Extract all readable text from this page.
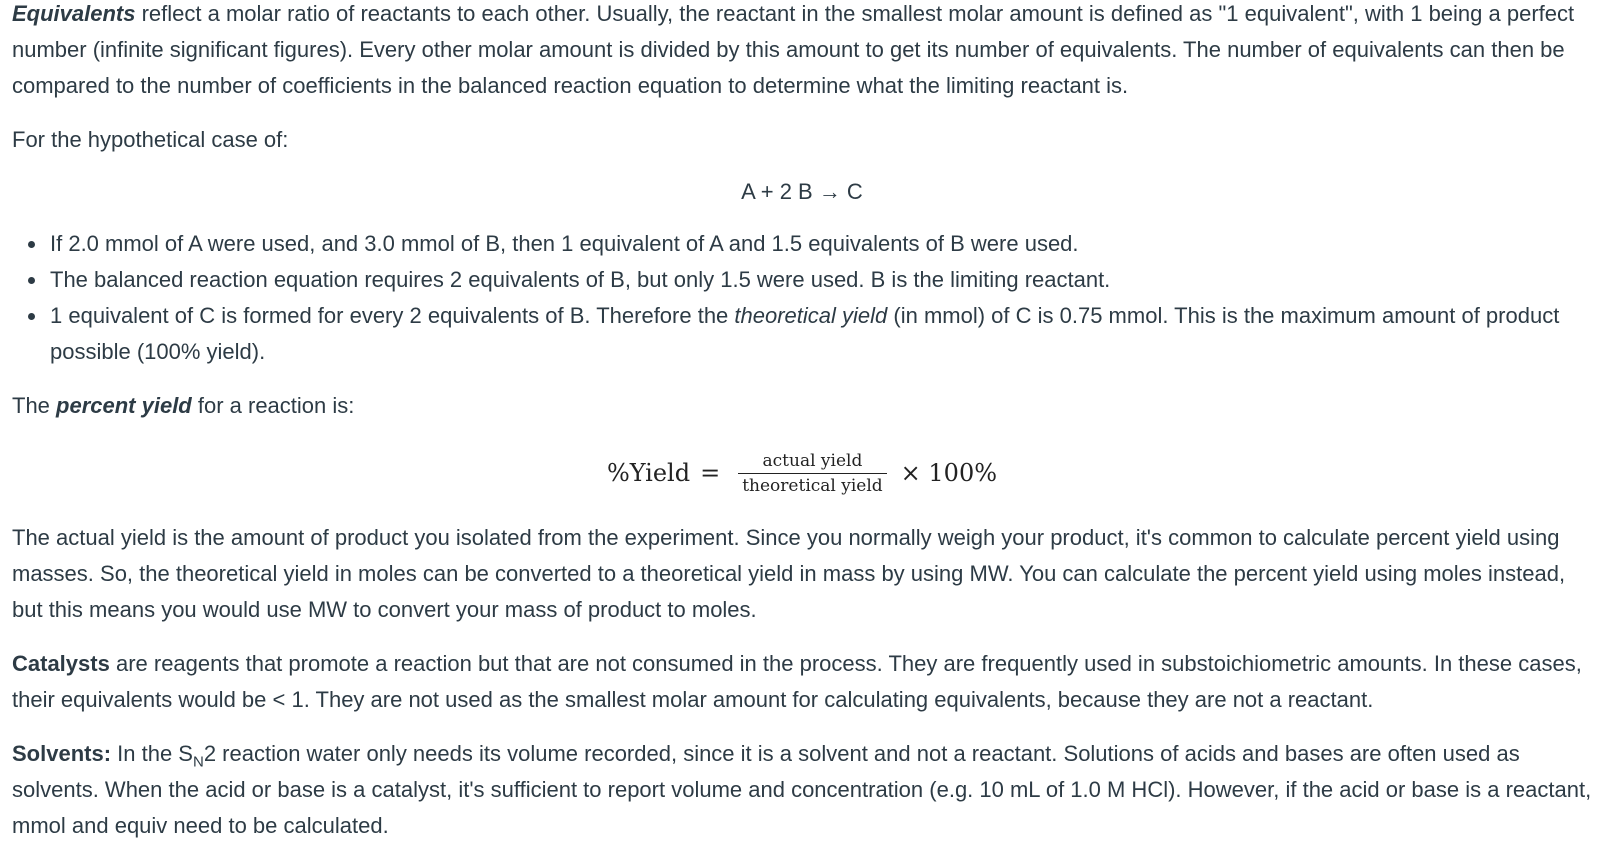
Equivalents reflect a molar ratio of reactants to each other. Usually, the reactant in the smallest molar amount is defined as "1 equivalent", with 1 being a perfect number (infinite significant figures). Every other molar amount is divided by this amount to get its number of equivalents. The number of equivalents can then be compared to the number of coefficients in the balanced reaction equation to determine what the limiting reactant is.

For the hypothetical case of:

A + 2 B → C
• If 2.0 mmol of A were used, and 3.0 mmol of B, then 1 equivalent of A and 1.5 equivalents of B were used.
• The balanced reaction equation requires 2 equivalents of B, but only 1.5 were used. B is the limiting reactant.
• 1 equivalent of C is formed for every 2 equivalents of B. Therefore the theoretical yield (in mmol) of C is 0.75 mmol. This is the maximum amount of product possible (100% yield).

The percent yield for a reaction is:

%Yield = $\frac{\text{actual yield}}{\text{theoretical yield}} \times 100\%$

The actual yield is the amount of product you isolated from the experiment. Since you normally weigh your product, it's common to calculate percent yield using masses. So, the theoretical yield in moles can be converted to a theoretical yield in mass by using MW. You can calculate the percent yield using moles instead, but this means you would use MW to convert your mass of product to moles.

Catalysts are reagents that promote a reaction but that are not consumed in the process. They are frequently used in substoichiometric amounts. In these cases, their equivalents would be < 1. They are not used as the smallest molar amount for calculating equivalents, because they are not a reactant.

Solvents: In the $S_N2$ reaction water only needs its volume recorded, since it is a solvent and not a reactant. Solutions of acids and bases are often used as solvents. When the acid or base is a catalyst, it's sufficient to report volume and concentration (e.g. 10 mL of 1.0 M HCl). However, if the acid or base is a reactant, mmol and equiv need to be calculated.
